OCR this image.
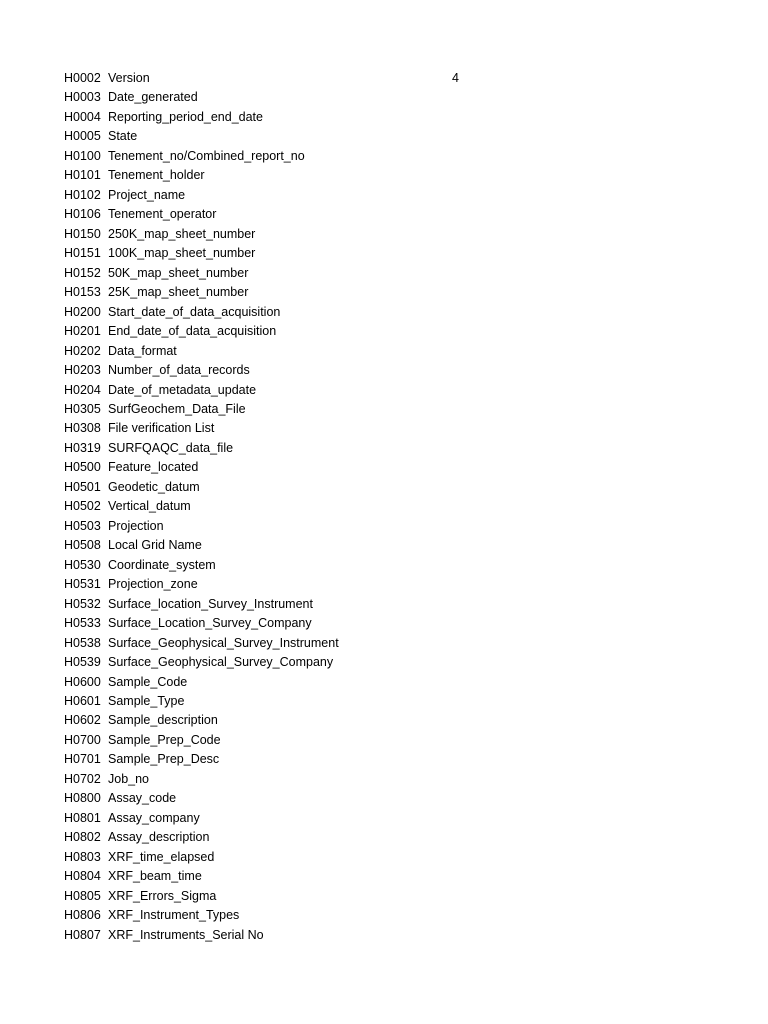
H0002 Version	4
H0003 Date_generated
H0004 Reporting_period_end_date
H0005 State
H0100 Tenement_no/Combined_report_no
H0101 Tenement_holder
H0102 Project_name
H0106 Tenement_operator
H0150 250K_map_sheet_number
H0151 100K_map_sheet_number
H0152 50K_map_sheet_number
H0153 25K_map_sheet_number
H0200 Start_date_of_data_acquisition
H0201 End_date_of_data_acquisition
H0202 Data_format
H0203 Number_of_data_records
H0204 Date_of_metadata_update
H0305 SurfGeochem_Data_File
H0308 File verification List
H0319 SURFQAQC_data_file
H0500 Feature_located
H0501 Geodetic_datum
H0502 Vertical_datum
H0503 Projection
H0508 Local Grid Name
H0530 Coordinate_system
H0531 Projection_zone
H0532 Surface_location_Survey_Instrument
H0533 Surface_Location_Survey_Company
H0538 Surface_Geophysical_Survey_Instrument
H0539 Surface_Geophysical_Survey_Company
H0600 Sample_Code
H0601 Sample_Type
H0602 Sample_description
H0700 Sample_Prep_Code
H0701 Sample_Prep_Desc
H0702 Job_no
H0800 Assay_code
H0801 Assay_company
H0802 Assay_description
H0803 XRF_time_elapsed
H0804 XRF_beam_time
H0805 XRF_Errors_Sigma
H0806 XRF_Instrument_Types
H0807 XRF_Instruments_Serial No
